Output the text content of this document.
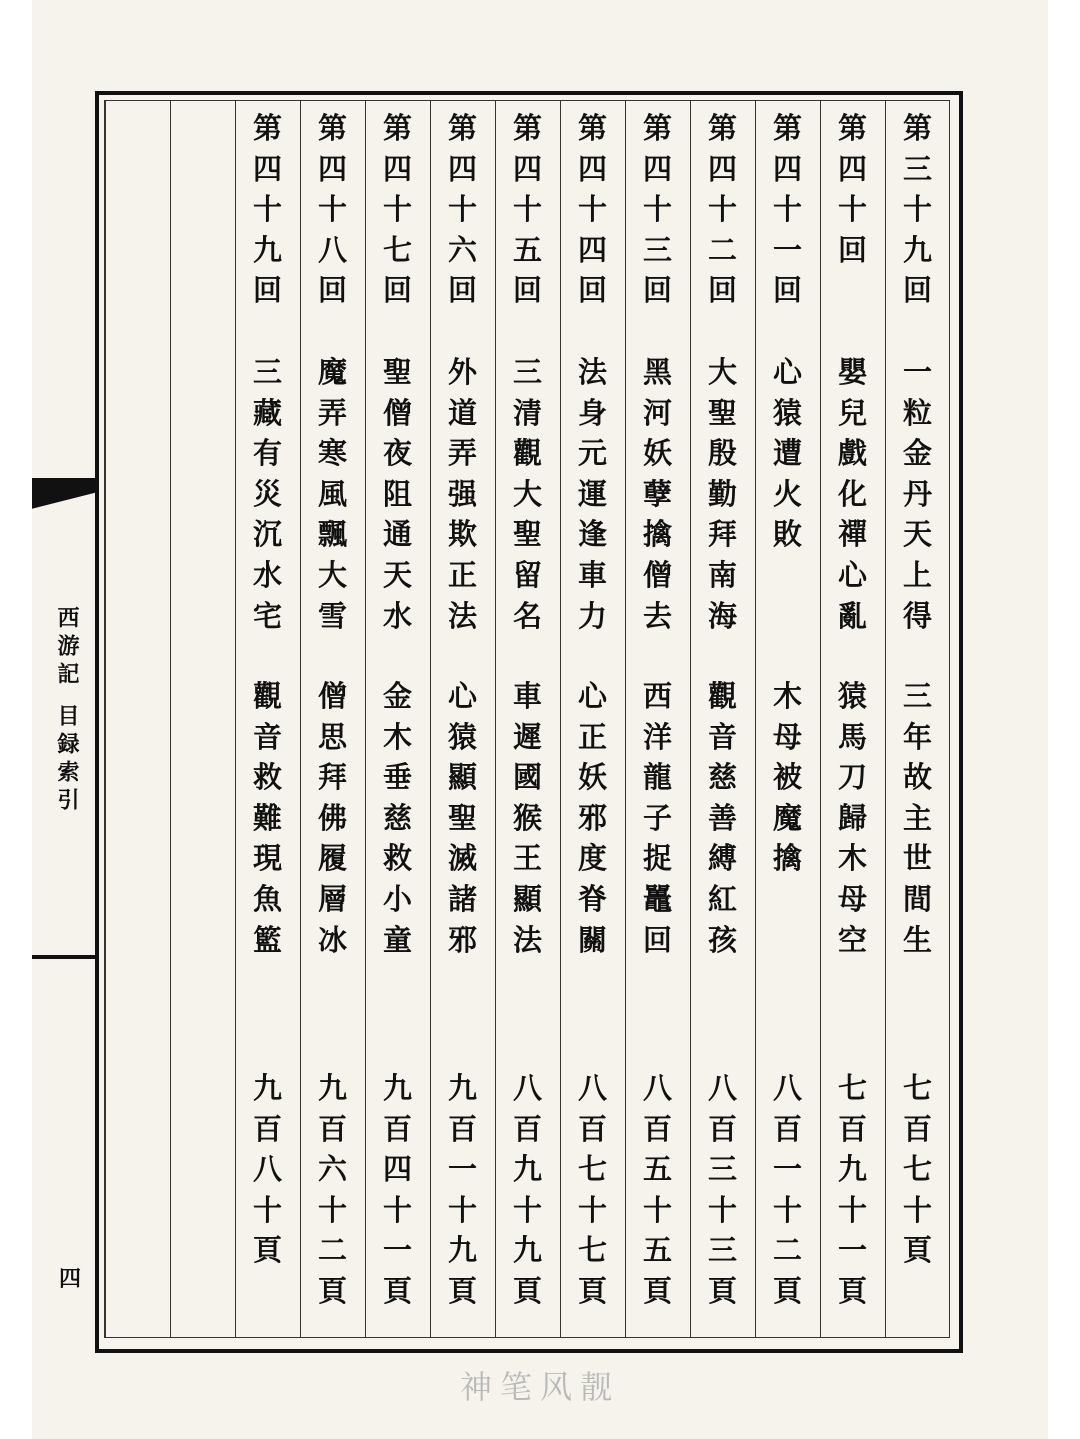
西游記目録索引
四
第
三
十
九
回
一
粒
金
丹
天
上
得
三
年
故
主
世
間
生
七
百
七
十
頁
第
四
十
回
嬰
兒
戲
化
禪
心
亂
猿
馬
刀
歸
木
母
空
七
百
九
十
一
頁
第
四
十
一
回
心
猿
遭
火
敗
木
母
被
魔
擒
八
百
一
十
二
頁
第
四
十
二
回
大
聖
殷
勤
拜
南
海
觀
音
慈
善
縛
紅
孩
八
百
三
十
三
頁
第
四
十
三
回
黑
河
妖
孽
擒
僧
去
西
洋
龍
子
捉
鼉
回
八
百
五
十
五
頁
第
四
十
四
回
法
身
元
運
逢
車
力
心
正
妖
邪
度
脊
關
八
百
七
十
七
頁
第
四
十
五
回
三
清
觀
大
聖
留
名
車
遲
國
猴
王
顯
法
八
百
九
十
九
頁
第
四
十
六
回
外
道
弄
强
欺
正
法
心
猿
顯
聖
滅
諸
邪
九
百
一
十
九
頁
第
四
十
七
回
聖
僧
夜
阻
通
天
水
金
木
垂
慈
救
小
童
九
百
四
十
一
頁
第
四
十
八
回
魔
弄
寒
風
飄
大
雪
僧
思
拜
佛
履
層
冰
九
百
六
十
二
頁
第
四
十
九
回
三
藏
有
災
沉
水
宅
觀
音
救
難
現
魚
籃
九
百
八
十
頁
神笔风靓
